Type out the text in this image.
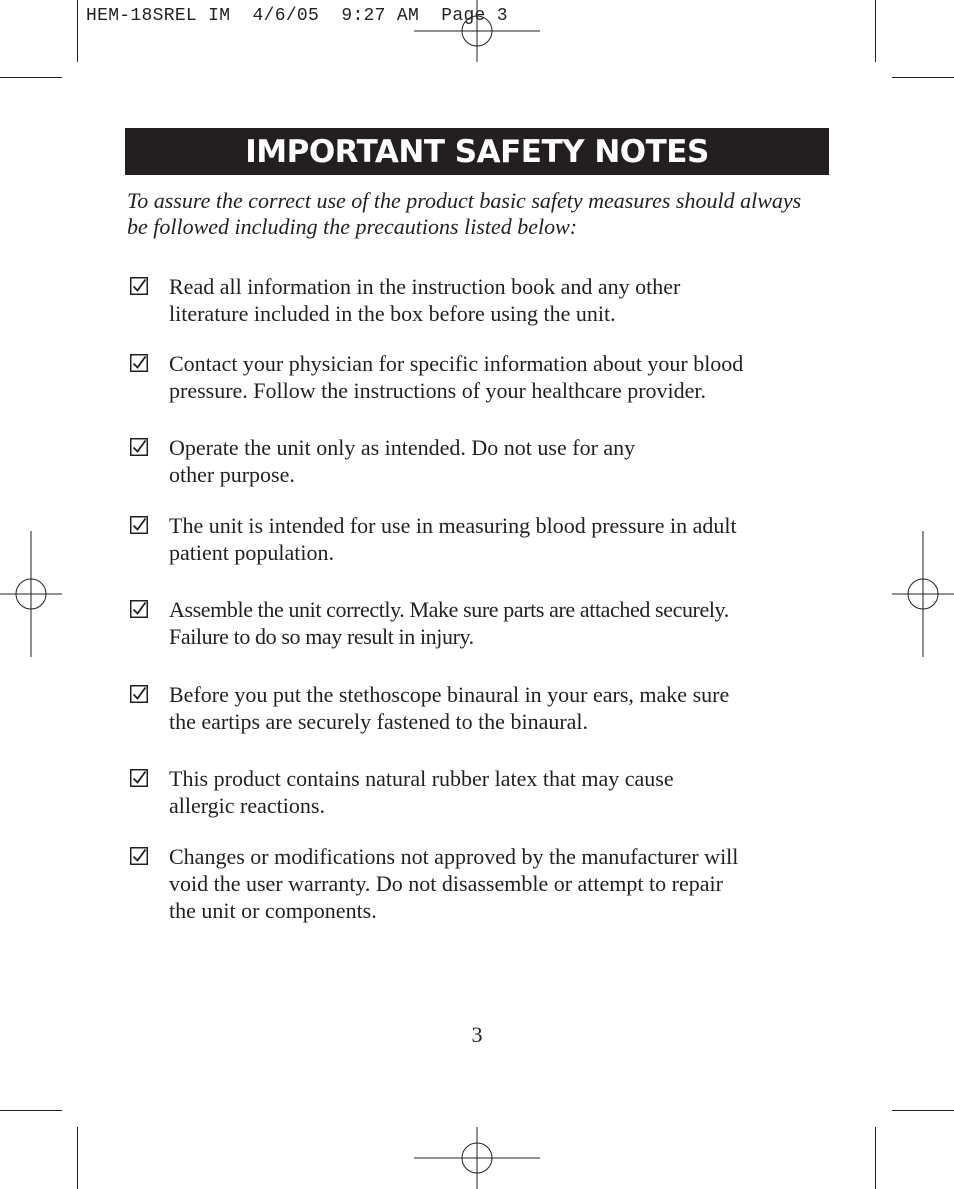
HEM-18SREL IM  4/6/05  9:27 AM  Page 3
IMPORTANT SAFETY NOTES

To assure the correct use of the product basic safety measures should always be followed including the precautions listed below:

Read all information in the instruction book and any other
literature included in the box before using the unit.
Contact your physician for specific information about your blood
pressure. Follow the instructions of your healthcare provider.
Operate the unit only as intended. Do not use for any
other purpose.
The unit is intended for use in measuring blood pressure in adult
patient population.
Assemble the unit correctly. Make sure parts are attached securely.
Failure to do so may result in injury.
Before you put the stethoscope binaural in your ears, make sure
the eartips are securely fastened to the binaural.
This product contains natural rubber latex that may cause
allergic reactions.
Changes or modifications not approved by the manufacturer will
void the user warranty. Do not disassemble or attempt to repair
the unit or components.
3
